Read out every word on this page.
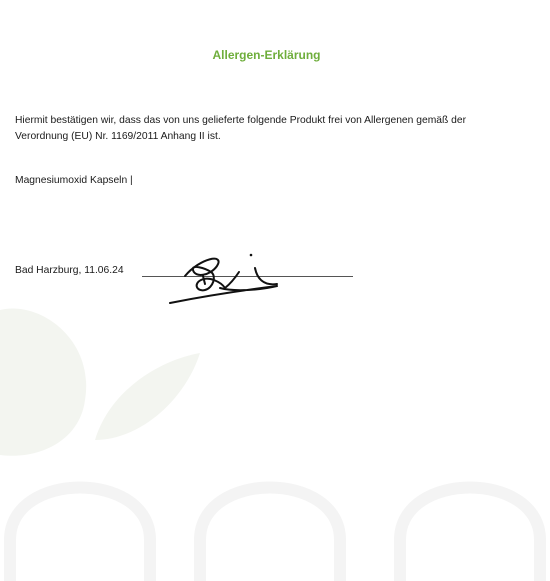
Allergen-Erklärung
Hiermit bestätigen wir, dass das von uns gelieferte folgende Produkt frei von Allergenen gemäß der
Verordnung (EU) Nr. 1169/2011 Anhang II ist.
Magnesiumoxid Kapseln |
Bad Harzburg, 11.06.24
